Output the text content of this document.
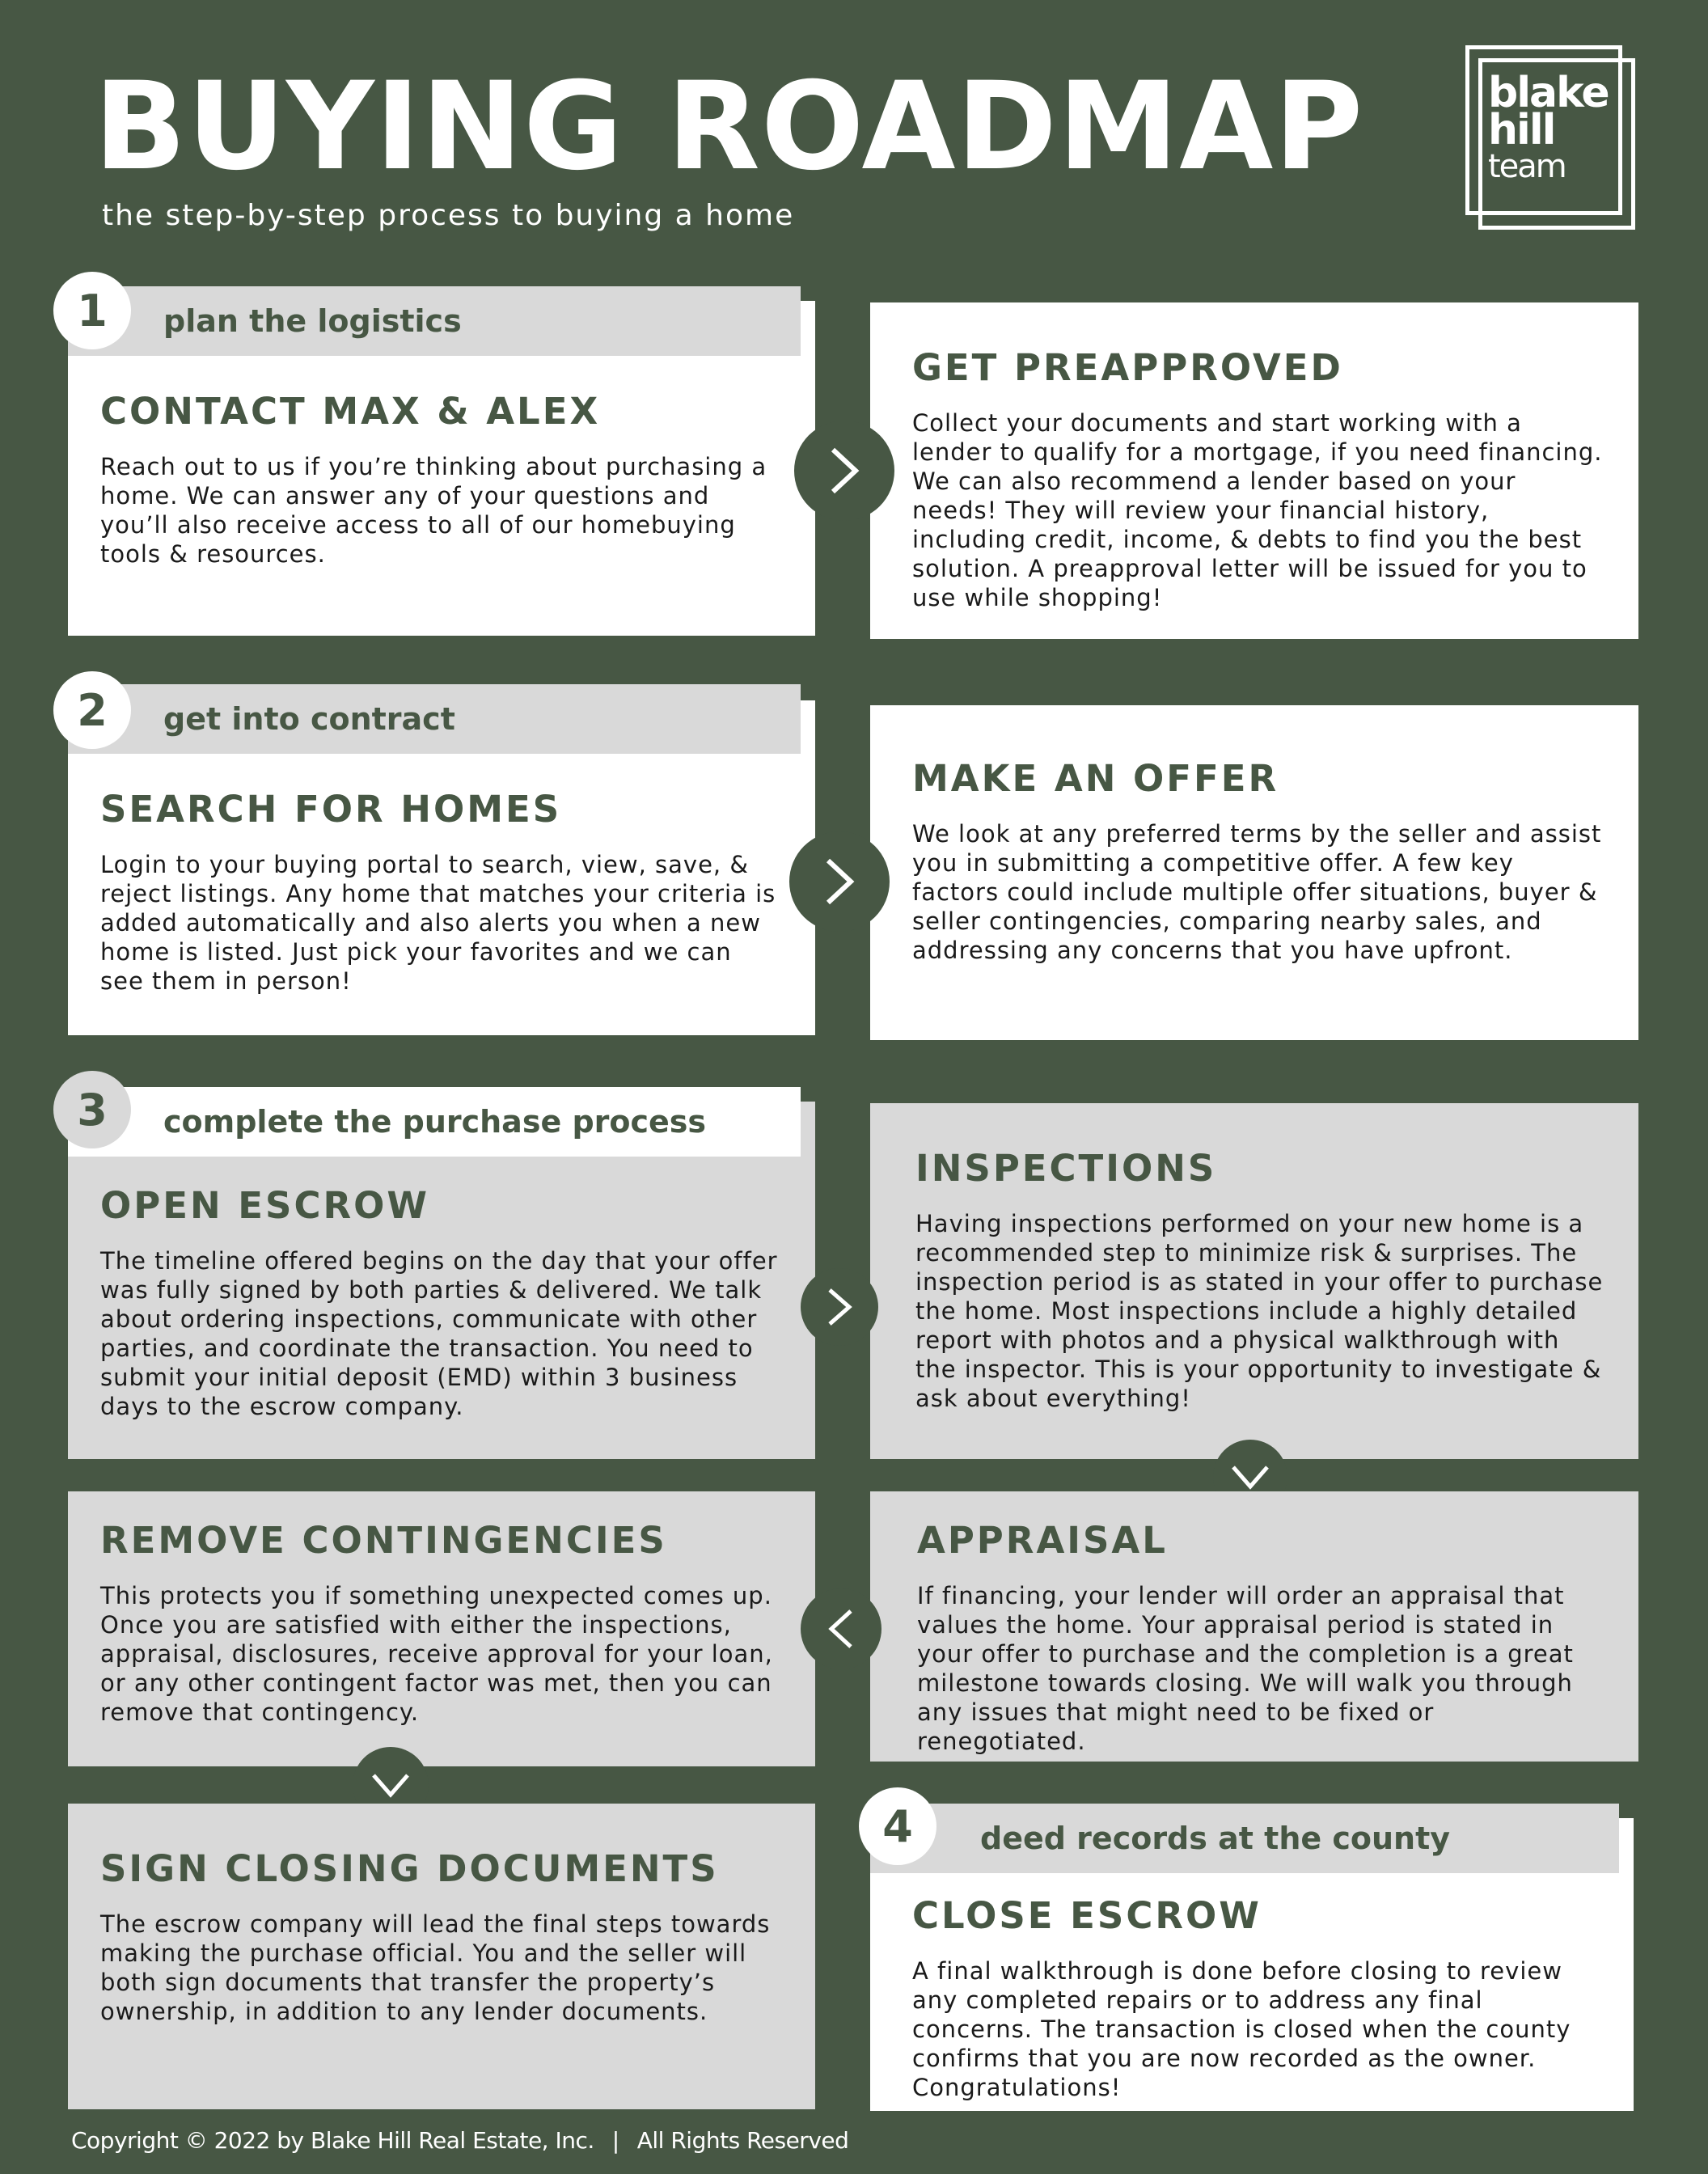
BUYING ROADMAP
the step-by-step process to buying a home
blake
hill
team
CONTACT MAX & ALEX

Reach out to us if you’re thinking about purchasing a home. We can answer any of your questions and you’ll also receive access to all of our homebuying tools & resources.

plan the logistics
1
GET PREAPPROVED

Collect your documents and start working with a lender to qualify for a mortgage, if you need financing. We can also recommend a lender based on your needs! They will review your financial history, including credit, income, & debts to find you the best solution. A preapproval letter will be issued for you to use while shopping!

SEARCH FOR HOMES

Login to your buying portal to search, view, save, & reject listings. Any home that matches your criteria is added automatically and also alerts you when a new home is listed. Just pick your favorites and we can see them in person!

get into contract
2
MAKE AN OFFER

We look at any preferred terms by the seller and assist you in submitting a competitive offer. A few key factors could include multiple offer situations, buyer & seller contingencies, comparing nearby sales, and addressing any concerns that you have upfront.

OPEN ESCROW

The timeline offered begins on the day that your offer was fully signed by both parties & delivered. We talk about ordering inspections, communicate with other parties, and coordinate the transaction. You need to submit your initial deposit (EMD) within 3 business days to the escrow company.

complete the purchase process
3
INSPECTIONS

Having inspections performed on your new home is a recommended step to minimize risk & surprises. The inspection period is as stated in your offer to purchase the home. Most inspections include a highly detailed report with photos and a physical walkthrough with the inspector. This is your opportunity to investigate & ask about everything!

REMOVE CONTINGENCIES

This protects you if something unexpected comes up. Once you are satisfied with either the inspections, appraisal, disclosures, receive approval for your loan, or any other contingent factor was met, then you can remove that contingency.

APPRAISAL

If financing, your lender will order an appraisal that values the home. Your appraisal period is stated in your offer to purchase and the completion is a great milestone towards closing. We will walk you through any issues that might need to be fixed or renegotiated.

SIGN CLOSING DOCUMENTS

The escrow company will lead the final steps towards making the purchase official. You and the seller will both sign documents that transfer the property’s ownership, in addition to any lender documents.

CLOSE ESCROW

A final walkthrough is done before closing to review any completed repairs or to address any final concerns. The transaction is closed when the county confirms that you are now recorded as the owner. Congratulations!

deed records at the county
4
Copyright © 2022 by Blake Hill Real Estate, Inc. | All Rights Reserved
